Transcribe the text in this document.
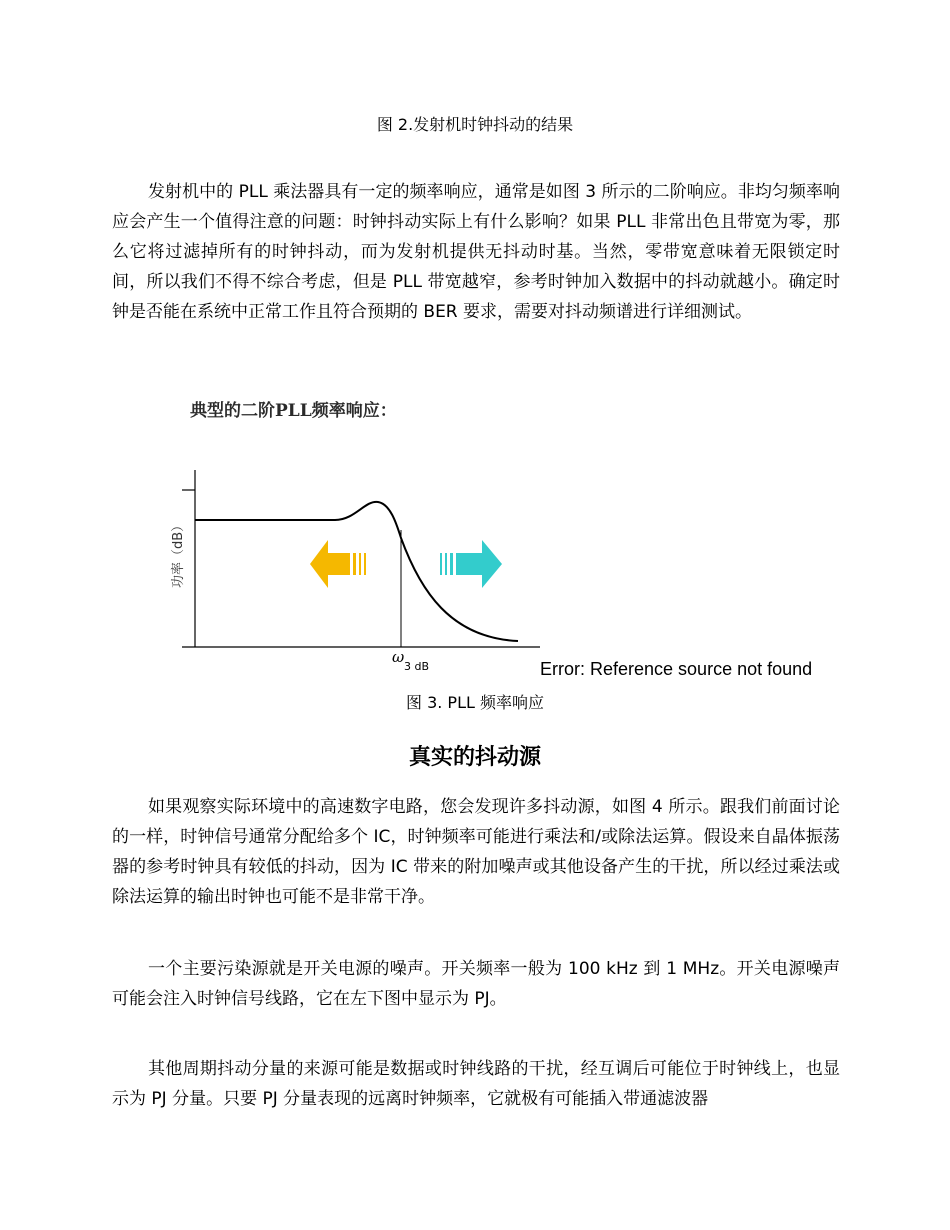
图 2.发射机时钟抖动的结果

发射机中的 PLL 乘法器具有一定的频率响应，通常是如图 3 所示的二阶响应。非均匀频率响应会产生一个值得注意的问题：时钟抖动实际上有什么影响？如果 PLL 非常出色且带宽为零，那么它将过滤掉所有的时钟抖动，而为发射机提供无抖动时基。当然，零带宽意味着无限锁定时间，所以我们不得不综合考虑，但是 PLL 带宽越窄，参考时钟加入数据中的抖动就越小。确定时钟是否能在系统中正常工作且符合预期的 BER 要求，需要对抖动频谱进行详细测试。

典型的二阶PLL频率响应：
功率（dB）
ω
3 dB	Error: Reference source not found
图 3. PLL 频率响应
真实的抖动源

如果观察实际环境中的高速数字电路，您会发现许多抖动源，如图 4 所示。跟我们前面讨论的一样，时钟信号通常分配给多个 IC，时钟频率可能进行乘法和/或除法运算。假设来自晶体振荡器的参考时钟具有较低的抖动，因为 IC 带来的附加噪声或其他设备产生的干扰，所以经过乘法或除法运算的输出时钟也可能不是非常干净。

一个主要污染源就是开关电源的噪声。开关频率一般为 100 kHz 到 1 MHz。开关电源噪声可能会注入时钟信号线路，它在左下图中显示为 PJ。

其他周期抖动分量的来源可能是数据或时钟线路的干扰，经互调后可能位于时钟线上，也显示为 PJ 分量。只要 PJ 分量表现的远离时钟频率，它就极有可能插入带通滤波器
